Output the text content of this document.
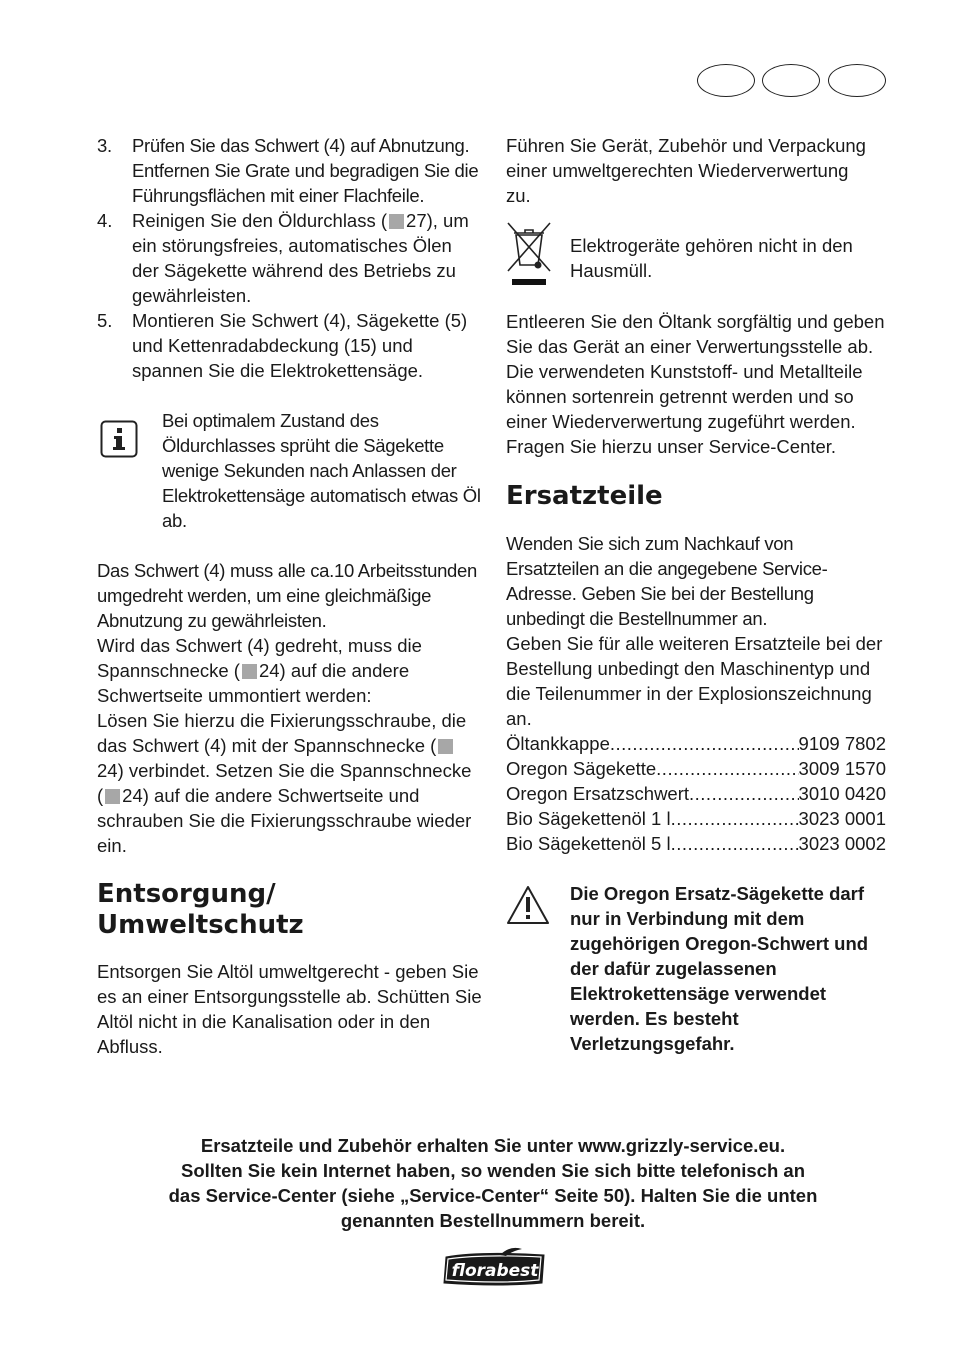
3. Prüfen Sie das Schwert (4) auf Abnutzung. Entfernen Sie Grate und begradigen Sie die Führungsflächen mit einer Flachfeile.
4. Reinigen Sie den Öldurchlass ( 27), um ein störungsfreies, automatisches Ölen der Sägekette während des Betriebs zu gewährleisten.
5. Montieren Sie Schwert (4), Sägekette (5) und Kettenradabdeckung (15) und spannen Sie die Elektrokettensäge.

Bei optimalem Zustand des Öldurchlasses sprüht die Sägekette wenige Sekunden nach Anlassen der Elektrokettensäge automatisch etwas Öl ab.

Das Schwert (4) muss alle ca.10 Arbeitsstunden umgedreht werden, um eine gleichmäßige Abnutzung zu gewährleisten.

Wird das Schwert (4) gedreht, muss die Spannschnecke ( 24) auf die andere Schwertseite ummontiert werden:

Lösen Sie hierzu die Fixierungsschraube, die das Schwert (4) mit der Spannschnecke (24) verbindet. Setzen Sie die Spannschnecke ( 24) auf die andere Schwertseite und schrauben Sie die Fixierungsschraube wieder ein.

Entsorgung/ Umweltschutz

Entsorgen Sie Altöl umweltgerecht - geben Sie es an einer Entsorgungsstelle ab. Schütten Sie Altöl nicht in die Kanalisation oder in den Abfluss.

Führen Sie Gerät, Zubehör und Verpackung einer umweltgerechten Wiederverwertung zu.

Elektrogeräte gehören nicht in den Hausmüll.

Entleeren Sie den Öltank sorgfältig und geben Sie das Gerät an einer Verwertungsstelle ab. Die verwendeten Kunststoff- und Metallteile können sortenrein getrennt werden und so einer Wiederverwertung zugeführt werden. Fragen Sie hierzu unser Service-Center.

Ersatzteile

Wenden Sie sich zum Nachkauf von Ersatzteilen an die angegebene Service-Adresse. Geben Sie bei der Bestellung unbedingt die Bestellnummer an.

Geben Sie für alle weiteren Ersatzteile bei der Bestellung unbedingt den Maschinentyp und die Teilenummer in der Explosionszeichnung an.

Öltankkappe .....	9109 7802
Oregon Sägekette .....	3009 1570
Oregon Ersatzschwert .....	3010 0420
Bio Sägekettenöl 1 l .....	3023 0001
Bio Sägekettenöl 5 l .....	3023 0002

Die Oregon Ersatz-Sägekette darf nur in Verbindung mit dem zugehörigen Oregon-Schwert und der dafür zugelassenen Elektrokettensäge verwendet werden. Es besteht Verletzungsgefahr.

Ersatzteile und Zubehör erhalten Sie unter www.grizzly-service.eu.
Sollten Sie kein Internet haben, so wenden Sie sich bitte telefonisch an
das Service-Center (siehe „Service-Center“ Seite 50). Halten Sie die unten
genannten Bestellnummern bereit.
florabest
